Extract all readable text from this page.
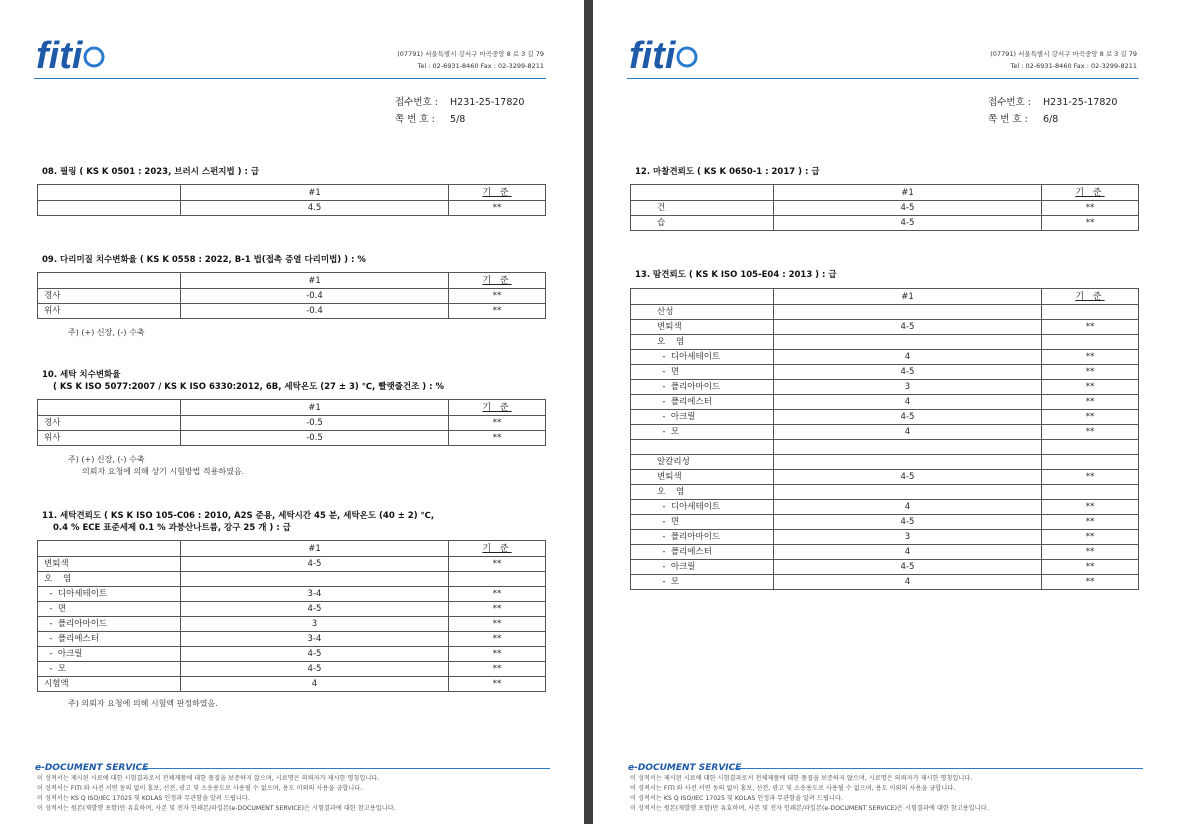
fiti	(07791) 서울특별시 강서구 마곡중앙 8 로 3 길 79
Tel : 02-6931-8460 Fax : 02-3299-8211
접수번호 : H231-25-17820
쪽 번 호 : 5/8
08. 필링 ( KS K 0501 : 2023, 브러시 스펀지법 ) : 급
	#1	기 준
	4.5	**
09. 다리미질 치수변화율 ( KS K 0558 : 2022, B-1 법(접촉 증열 다리미법) ) : %
	#1	기 준
경사	-0.4	**
위사	-0.4	**
주) (+) 신장, (-) 수축
10. 세탁 치수변화율
( KS K ISO 5077:2007 / KS K ISO 6330:2012, 6B, 세탁온도 (27 ± 3) ℃, 빨랫줄건조 ) : %
	#1	기 준
경사	-0.5	**
위사	-0.5	**
주) (+) 신장, (-) 수축
의뢰자 요청에 의해 상기 시험방법 적용하였음.
11. 세탁견뢰도 ( KS K ISO 105-C06 : 2010, A2S 준용, 세탁시간 45 분, 세탁온도 (40 ± 2) ℃,
0.4 % ECE 표준세제 0.1 % 과붕산나트륨, 강구 25 개 ) : 급
	#1	기 준
변퇴색	4-5	**
오    염		
-  디아세테이트	3-4	**
-  면	4-5	**
-  폴리아마이드	3	**
-  폴리에스터	3-4	**
-  아크릴	4-5	**
-  모	4-5	**
시험액	4	**
주) 의뢰자 요청에 의해 시험액 판정하였음.
e-DOCUMENT SERVICE
이 성적서는 제시된 시료에 대한 시험결과로서 전체제품에 대한 품질을 보증하지 않으며, 시료명은 의뢰자가 제시한 명칭입니다.
이 성적서는 FITI 와 사전 서면 동의 없이 홍보, 선전, 광고 및 소송용도로 사용될 수 없으며, 용도 이외의 사용을 금합니다.
이 성적서는 KS Q ISO/IEC 17025 및 KOLAS 인정과 무관함을 알려 드립니다.
이 성적서는 원본(재발행 포함)만 유효하며, 사본 및 전자 인쇄본/파일본(e-DOCUMENT SERVICE)은 시험결과에 대한 참고용입니다.
fiti	(07791) 서울특별시 강서구 마곡중앙 8 로 3 길 79
Tel : 02-6931-8460 Fax : 02-3299-8211
접수번호 : H231-25-17820
쪽 번 호 : 6/8
12. 마찰견뢰도 ( KS K 0650-1 : 2017 ) : 급
	#1	기 준
건	4-5	**
습	4-5	**
13. 땀견뢰도 ( KS K ISO 105-E04 : 2013 ) : 급
	#1	기 준
산성		
변퇴색	4-5	**
오    염		
-  디아세테이트	4	**
-  면	4-5	**
-  폴리아마이드	3	**
-  폴리에스터	4	**
-  아크릴	4-5	**
-  모	4	**

알칼리성		
변퇴색	4-5	**
오    염		
-  디아세테이트	4	**
-  면	4-5	**
-  폴리아마이드	3	**
-  폴리에스터	4	**
-  아크릴	4-5	**
-  모	4	**
e-DOCUMENT SERVICE
이 성적서는 제시된 시료에 대한 시험결과로서 전체제품에 대한 품질을 보증하지 않으며, 시료명은 의뢰자가 제시한 명칭입니다.
이 성적서는 FITI 와 사전 서면 동의 없이 홍보, 선전, 광고 및 소송용도로 사용될 수 없으며, 용도 이외의 사용을 금합니다.
이 성적서는 KS Q ISO/IEC 17025 및 KOLAS 인정과 무관함을 알려 드립니다.
이 성적서는 원본(재발행 포함)만 유효하며, 사본 및 전자 인쇄본/파일본(e-DOCUMENT SERVICE)은 시험결과에 대한 참고용입니다.
